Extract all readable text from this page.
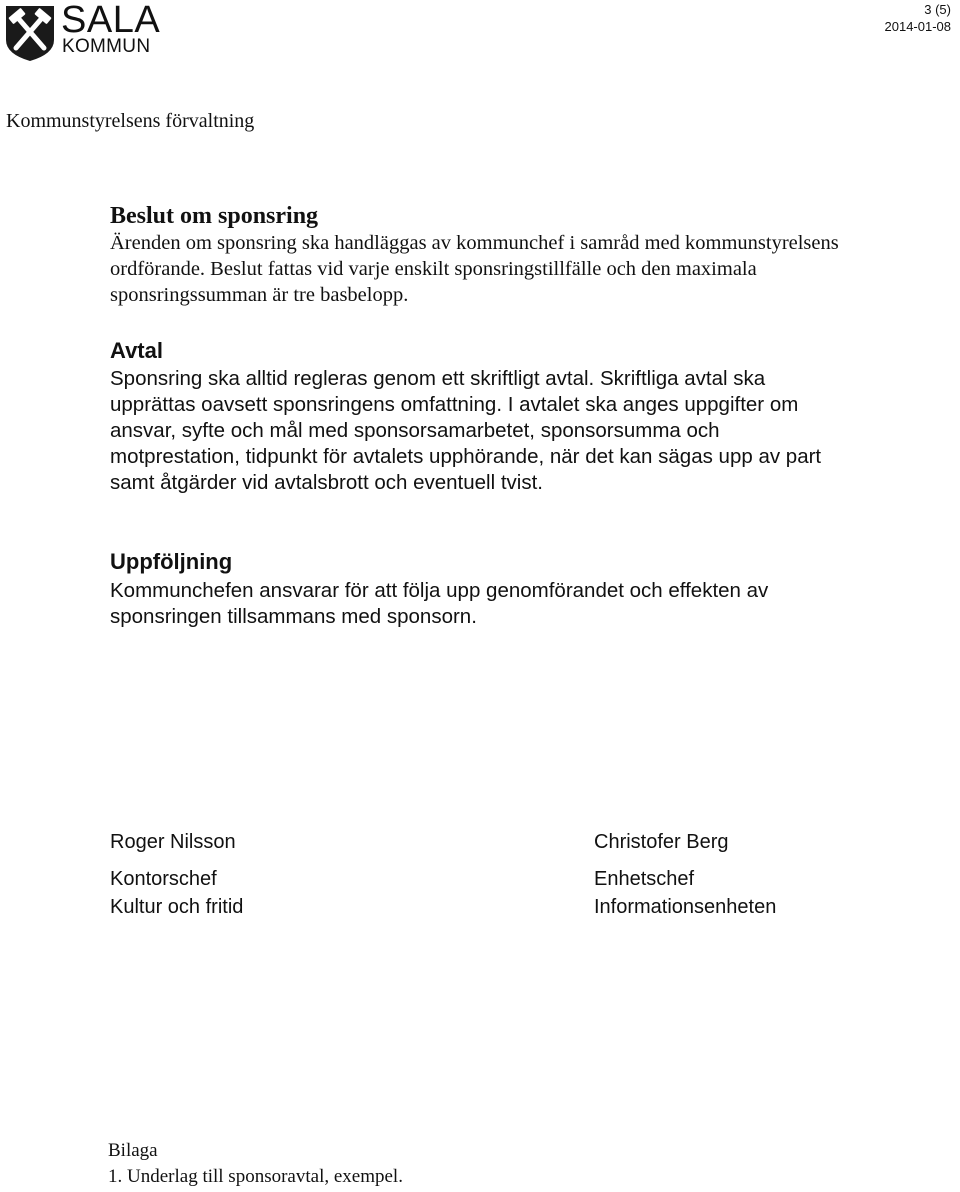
SALA
KOMMUN
3 (5)
2014-01-08
Kommunstyrelsens förvaltning
Beslut om sponsring
Ärenden om sponsring ska handläggas av kommunchef i samråd med kommunstyrelsens ordförande. Beslut fattas vid varje enskilt sponsringstillfälle och den maximala sponsringssumman är tre basbelopp.
Avtal
Sponsring ska alltid regleras genom ett skriftligt avtal. Skriftliga avtal ska upprättas oavsett sponsringens omfattning. I avtalet ska anges uppgifter om ansvar, syfte och mål med sponsorsamarbetet, sponsorsumma och motprestation, tidpunkt för avtalets upphörande, när det kan sägas upp av part samt åtgärder vid avtalsbrott och eventuell tvist.
Uppföljning
Kommunchefen ansvarar för att följa upp genomförandet och effekten av sponsringen tillsammans med sponsorn.
Roger Nilsson
Kontorschef
Kultur och fritid
Christofer Berg
Enhetschef
Informationsenheten
Bilaga
1. Underlag till sponsoravtal, exempel.
